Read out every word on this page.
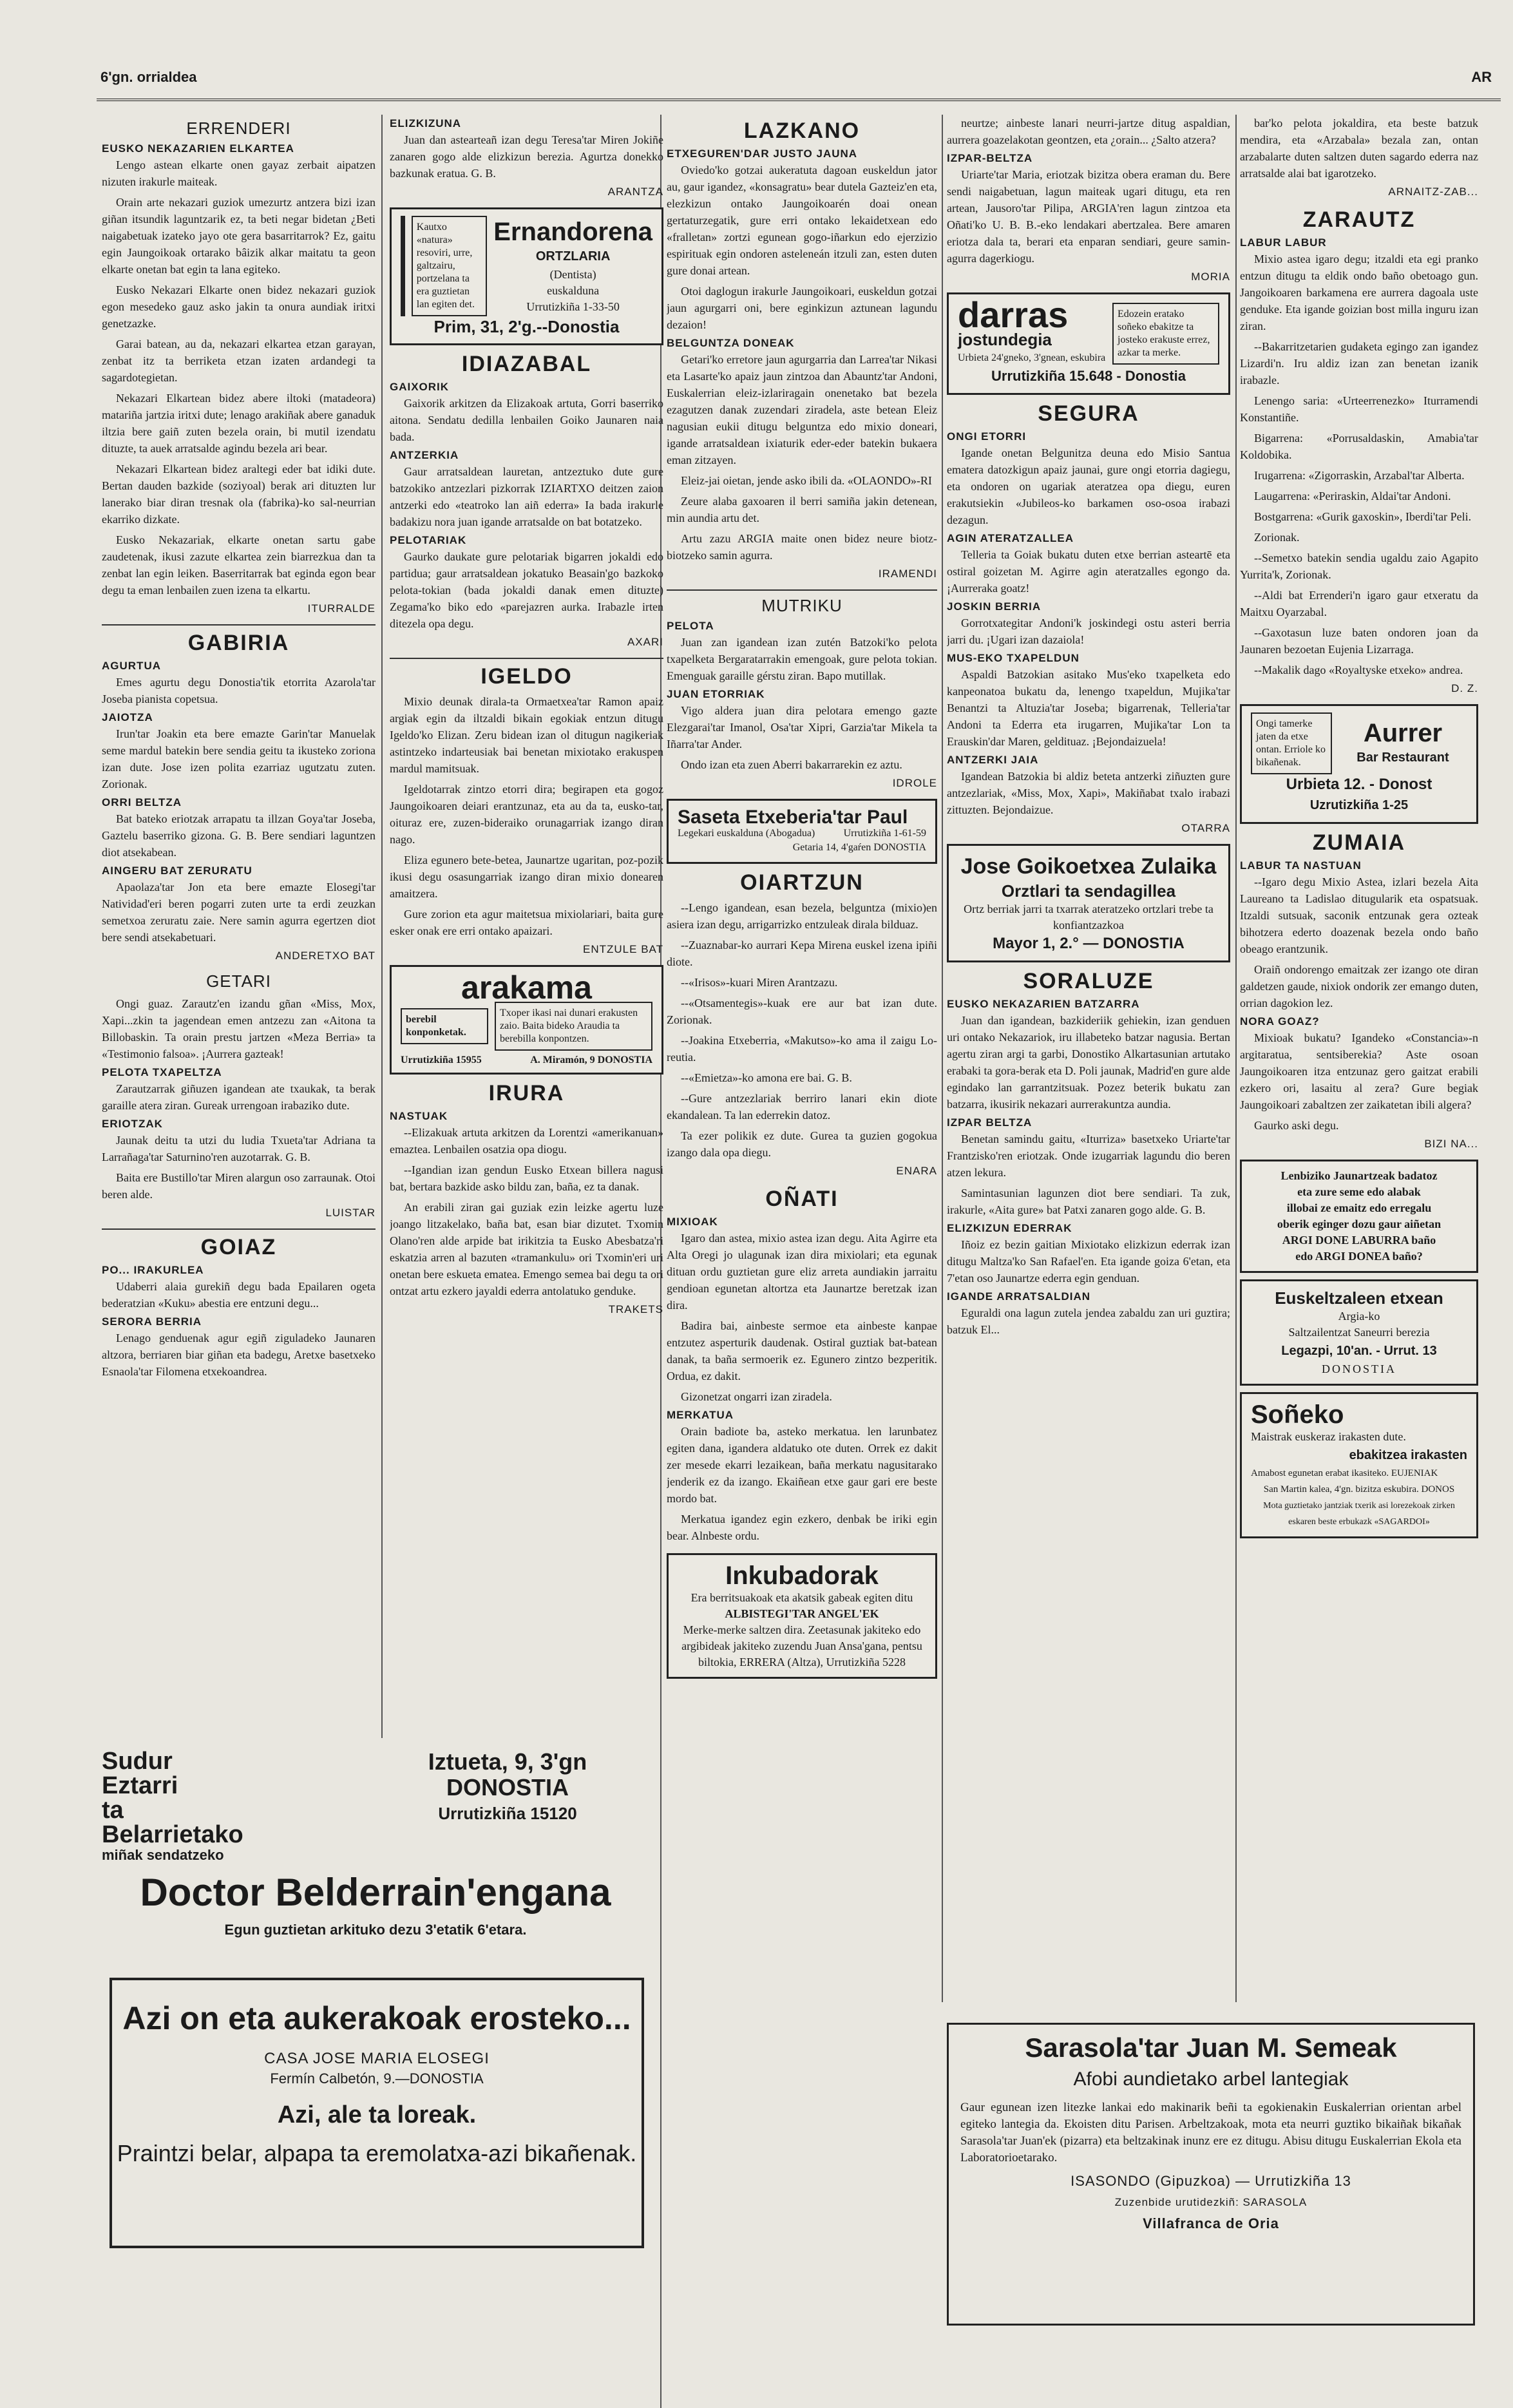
6'gn. orrialdea	AR
ERRENDERI
EUSKO NEKAZARIEN ELKARTEA

Lengo astean elkarte onen gayaz zerbait aipatzen nizuten irakurle maiteak.

Orain arte nekazari guziok umezurtz antzera bizi izan giñan itsundik laguntzarik ez, ta beti negar bidetan ¿Beti naigabetuak izateko jayo ote gera basarritarrok? Ez, gaitu egin Jaungoikoak ortarako bâizik alkar maitatu ta geon elkarte onetan bat egin ta lana egiteko.

Eusko Nekazari Elkarte onen bidez nekazari guziok egon mesedeko gauz asko jakin ta onura aundiak iritxi genetzazke.

Garai batean, au da, nekazari elkartea etzan garayan, zenbat itz ta berriketa etzan izaten ardandegi ta sagardotegietan.

Nekazari Elkartean bidez abere iltoki (matadeora) matariña jartzia iritxi dute; lenago arakiñak abere ganaduk iltzia bere gaiñ zuten bezela orain, bi mutil izendatu dituzte, ta auek arratsalde agindu bezela ari bear.

Nekazari Elkartean bidez araltegi eder bat idiki dute. Bertan dauden bazkide (soziyoal) berak ari dituzten lur lanerako biar diran tresnak ola (fabrika)-ko sal-neurrian ekarriko dizkate.

Eusko Nekazariak, elkarte onetan sartu gabe zaudetenak, ikusi zazute elkartea zein biarrezkua dan ta zenbat lan egin leiken. Baserritarrak bat eginda egon bear degu ta eman lenbailen zuen izena ta elkartu.

ITURRALDE
GABIRIA
AGURTUA

Emes agurtu degu Donostia'tik etorrita Azarola'tar Joseba pianista copetsua.

JAIOTZA

Irun'tar Joakin eta bere emazte Garin'tar Manuelak seme mardul batekin bere sendia geitu ta ikusteko zoriona izan dute. Jose izen polita ezarriaz ugutzatu zuten. Zorionak.

ORRI BELTZA

Bat bateko eriotzak arrapatu ta illzan Goya'tar Joseba, Gaztelu baserriko gizona. G. B. Bere sendiari laguntzen diot atsekabean.

AINGERU BAT ZERURATU

Apaolaza'tar Jon eta bere emazte Elosegi'tar Natividad'eri beren pogarri zuten urte ta erdi zeuzkan semetxoa zeruratu zaie. Nere samin agurra egertzen diot bere sendi atsekabetuari.

ANDERETXO BAT
GETARI

Ongi guaz. Zarautz'en izandu gñan «Miss, Mox, Xapi...zkin ta jagendean emen antzezu zan «Aitona ta Billobaskin. Ta orain prestu jartzen «Meza Berria» ta «Testimonio falsoa». ¡Aurrera gazteak!

PELOTA TXAPELTZA

Zarautzarrak giñuzen igandean ate txaukak, ta berak garaille atera ziran. Gureak urrengoan irabaziko dute.

ERIOTZAK

Jaunak deitu ta utzi du ludia Txueta'tar Adriana ta Larrañaga'tar Saturnino'ren auzotarrak. G. B.

Baita ere Bustillo'tar Miren alargun oso zarraunak. Otoi beren alde.

LUISTAR
GOIAZ
PO... IRAKURLEA

Udaberri alaia gurekiñ degu bada Epailaren ogeta bederatzian «Kuku» abestia ere entzuni degu...

SERORA BERRIA

Lenago genduenak agur egiñ ziguladeko Jaunaren altzora, berriaren biar giñan eta badegu, Aretxe basetxeko Esnaola'tar Filomena etxekoandrea.

ELIZKIZUNA

Juan dan astearteañ izan degu Teresa'tar Miren Jokiñe zanaren gogo alde elizkizun berezia. Agurtza donekko bazkunak eratua. G. B.

ARANTZA
Kautxo «natura» resoviri, urre, galtzairu, portzelana ta era guztietan lan egiten det.
Ernandorena
ORTZLARIA
(Dentista)
euskalduna
Urrutizkiña 1-33-50
Prim, 31, 2'g.--Donostia
IDIAZABAL
GAIXORIK

Gaixorik arkitzen da Elizakoak artuta, Gorri baserriko aitona. Sendatu dedilla lenbailen Goiko Jaunaren naia bada.

ANTZERKIA

Gaur arratsaldean lauretan, antzeztuko dute gure batzokiko antzezlari pizkorrak IZIARTXO deitzen zaion antzerki edo «teatroko lan aiñ ederra» Ia bada irakurle badakizu nora juan igande arratsalde on bat botatzeko.

PELOTARIAK

Gaurko daukate gure pelotariak bigarren jokaldi edo partidua; gaur arratsaldean jokatuko Beasain'go bazkoko pelota-tokian (bada jokaldi danak emen dituzte) Zegama'ko biko edo «parejazren aurka. Irabazle irten ditezela opa degu.

AXARI
IGELDO

Mixio deunak dirala-ta Ormaetxea'tar Ramon apaiz argiak egin da iltzaldi bikain egokiak entzun ditugu Igeldo'ko Elizan. Zeru bidean izan ol ditugun nagikeriak astintzeko indarteusiak bai benetan mixiotako erakuspen mardul mamitsuak.

Igeldotarrak zintzo etorri dira; begirapen eta gogoz Jaungoikoaren deiari erantzunaz, eta au da ta, eusko-tar, oituraz ere, zuzen-bideraiko orunagarriak izango diran nago.

Eliza egunero bete-betea, Jaunartze ugaritan, poz-pozik ikusi degu osasungarriak izango diran mixio donearen amaitzera.

Gure zorion eta agur maitetsua mixiolariari, baita gure esker onak ere erri ontako apaizari.

ENTZULE BAT
arakama
berebil konponketak.
Txoper ikasi nai dunari erakusten zaio. Baita bideko Araudia ta berebilla konpontzen.
Urrutizkiña 15955	A. Miramón, 9 DONOSTIA
IRURA
NASTUAK

--Elizakuak artuta arkitzen da Lorentzi «amerikanuan» emaztea. Lenbailen osatzia opa diogu.

--Igandian izan gendun Eusko Etxean billera nagusi bat, bertara bazkide asko bildu zan, baña, ez ta danak.

An erabili ziran gai guziak ezin leizke agertu luze joango litzakelako, baña bat, esan biar dizutet. Txomin Olano'ren alde arpide bat irikitzia ta Eusko Abesbatza'ri eskatzia arren al bazuten «tramankulu» ori Txomin'eri uri onetan bere eskueta ematea. Emengo semea bai degu ta ori ontzat artu ezkero jayaldi ederra antolatuko genduke.

TRAKETS
LAZKANO
ETXEGUREN'DAR JUSTO JAUNA

Oviedo'ko gotzai aukeratuta dagoan euskeldun jator au, gaur igandez, «konsagratu» bear dutela Gazteiz'en eta, elezkizun ontako Jaungoikoarén doai onean gertaturzegatik, gure erri ontako lekaidetxean edo «fralletan» zortzi egunean gogo-iñarkun edo ejerzizio espirituak egin ondoren asteleneán itzuli zan, esten duten gure donai artean.

Otoi daglogun irakurle Jaungoikoari, euskeldun gotzai jaun agurgarri oni, bere eginkizun aztunean lagundu dezaion!

BELGUNTZA DONEAK

Getari'ko erretore jaun agurgarria dan Larrea'tar Nikasi eta Lasarte'ko apaiz jaun zintzoa dan Abauntz'tar Andoni, Euskalerrian eleiz-izlariragain onenetako bat bezela ezagutzen danak zuzendari ziradela, aste betean Eleiz nagusian eukii ditugu belguntza edo mixio doneari, igande arratsaldean ixiaturik eder-eder batekin bukaera eman zitzayen.

Eleiz-jai oietan, jende asko ibili da. «OLAONDO»-RI

Zeure alaba gaxoaren il berri samiña jakin detenean, min aundia artu det.

Artu zazu ARGIA maite onen bidez neure biotz-biotzeko samin agurra.

IRAMENDI
MUTRIKU
PELOTA

Juan zan igandean izan zutén Batzoki'ko pelota txapelketa Bergaratarrakin emengoak, gure pelota tokian. Emenguak garaille gérstu ziran. Bapo mutillak.

JUAN ETORRIAK

Vigo aldera juan dira pelotara emengo gazte Elezgarai'tar Imanol, Osa'tar Xipri, Garzia'tar Mikela ta Iñarra'tar Ander.

Ondo izan eta zuen Aberri bakarrarekin ez aztu.

IDROLE
Saseta Etxeberia'tar Paul
Legekari euskalduna (Abogadua)	Urrutizkiña 1-61-59
Getaria 14, 4'gaŕen DONOSTIA
OIARTZUN

--Lengo igandean, esan bezela, belguntza (mixio)en asiera izan degu, arrigarrizko entzuleak dirala bilduaz.

--Zuaznabar-ko aurrari Kepa Mirena euskel izena ipiñi diote.

--«Irisos»-kuari Miren Arantzazu.

--«Otsamentegis»-kuak ere aur bat izan dute. Zorionak.

--Joakina Etxeberria, «Makutso»-ko ama il zaigu Lo-reutia.

--«Emietza»-ko amona ere bai. G. B.

--Gure antzezlariak berriro lanari ekin diote ekandalean. Ta lan ederrekin datoz.

Ta ezer polikik ez dute. Gurea ta guzien gogokua izango dala opa diegu.

ENARA
OÑATI
MIXIOAK

Igaro dan astea, mixio astea izan degu. Aita Agirre eta Alta Oregi jo ulagunak izan dira mixiolari; eta egunak dituan ordu guztietan gure eliz arreta aundiakin jarraitu gendioan egunetan altortza eta Jaunartze beretzak izan dira.

Badira bai, ainbeste sermoe eta ainbeste kanpae entzutez asperturik daudenak. Ostiral guztiak bat-batean danak, ta baña sermoerik ez. Egunero zintzo bezperitik. Ordua, ez dakit.

Gizonetzat ongarri izan ziradela.

MERKATUA

Orain badiote ba, asteko merkatua. len larunbatez egiten dana, igandera aldatuko ote duten. Orrek ez dakit zer mesede ekarri lezaikean, baña merkatu nagusitarako jenderik ez da izango. Ekaiñean etxe gaur gari ere beste mordo bat.

Merkatua igandez egin ezkero, denbak be iriki egin bear. Alnbeste ordu.

Inkubadorak
Era berritsuakoak eta akatsik gabeak egiten ditu
ALBISTEGI'TAR ANGEL'EK
Merke-merke saltzen dira. Zeetasunak jakiteko edo argibideak jakiteko zuzendu Juan Ansa'gana, pentsu biltokia, ERRERA (Altza), Urrutizkiña 5228

neurtze; ainbeste lanari neurri-jartze ditug aspaldian, aurrera goazelakotan geontzen, eta ¿orain... ¿Salto atzera?

IZPAR-BELTZA

Uriarte'tar Maria, eriotzak bizitza obera eraman du. Bere sendi naigabetuan, lagun maiteak ugari ditugu, eta ren artean, Jausoro'tar Pilipa, ARGIA'ren lagun zintzoa eta Oñati'ko U. B. B.-eko lendakari abertzalea. Bere amaren eriotza dala ta, berari eta enparan sendiari, geure samin-agurra dagerkiogu.

MORIA
darras
jostundegia
Urbieta 24'gneko, 3'gnean, eskubira
Edozein eratako soñeko ebakitze ta josteko erakuste errez, azkar ta merke.
Urrutizkiña 15.648 - Donostia
SEGURA
ONGI ETORRI

Igande onetan Belgunitza deuna edo Misio Santua ematera datozkigun apaiz jaunai, gure ongi etorria dagiegu, eta ondoren on ugariak ateratzea opa diegu, euren erakutsiekin «Jubileos-ko barkamen oso-osoa irabazi dezagun.

AGIN ATERATZALLEA

Telleria ta Goiak bukatu duten etxe berrian asteartē eta ostiral goizetan M. Agirre agin ateratzalles egongo da. ¡Aurreraka goatz!

JOSKIN BERRIA

Gorrotxategitar Andoni'k joskindegi ostu asteri berria jarri du. ¡Ugari izan dazaiola!

MUS-EKO TXAPELDUN

Aspaldi Batzokian asitako Mus'eko txapelketa edo kanpeonatoa bukatu da, lenengo txapeldun, Mujika'tar Benantzi ta Altuzia'tar Joseba; bigarrenak, Telleria'tar Andoni ta Ederra eta irugarren, Mujika'tar Lon ta Erauskin'dar Maren, geldituaz. ¡Bejondaizuela!

ANTZERKI JAIA

Igandean Batzokia bi aldiz beteta antzerki ziñuzten gure antzezlariak, «Miss, Mox, Xapi», Makiñabat txalo irabazi zittuzten. Bejondaizue.

OTARRA
Jose Goikoetxea Zulaika
Orztlari ta sendagillea
Ortz berriak jarri ta txarrak ateratzeko ortzlari trebe ta konfiantzazkoa
Mayor 1, 2.° — DONOSTIA
SORALUZE
EUSKO NEKAZARIEN BATZARRA

Juan dan igandean, bazkideriik gehiekin, izan genduen uri ontako Nekazariok, iru illabeteko batzar nagusia. Bertan agertu ziran argi ta garbi, Donostiko Alkartasunian artutako erabaki ta gora-berak eta D. Poli jaunak, Madrid'en gure alde egindako lan garrantzitsuak. Pozez beterik bukatu zan batzarra, ikusirik nekazari aurrerakuntza aundia.

IZPAR BELTZA

Benetan samindu gaitu, «Iturriza» basetxeko Uriarte'tar Frantzisko'ren eriotzak. Onde izugarriak lagundu dio beren atzen lekura.

Samintasunian lagunzen diot bere sendiari. Ta zuk, irakurle, «Aita gure» bat Patxi zanaren gogo alde. G. B.

ELIZKIZUN EDERRAK

Iñoiz ez bezin gaitian Mixiotako elizkizun ederrak izan ditugu Maltza'ko San Rafael'en. Eta igande goiza 6'etan, eta 7'etan oso Jaunartze ederra egin genduan.

IGANDE ARRATSALDIAN

Eguraldi ona lagun zutela jendea zabaldu zan uri guztira; batzuk El...

bar'ko pelota jokaldira, eta beste batzuk mendira, eta «Arzabala» bezala zan, ontan arzabalarte duten saltzen duten sagardo ederra naz arratsalde alai bat igarotzeko.

ARNAITZ-ZAB...
ZARAUTZ
LABUR LABUR

Mixio astea igaro degu; itzaldi eta egi pranko entzun ditugu ta eldik ondo baño obetoago gun. Jangoikoaren barkamena ere aurrera dagoala uste genduke. Eta igande goizian bost milla inguru izan ziran.

--Bakarritzetarien gudaketa egingo zan igandez Lizardi'n. Iru aldiz izan zan benetan izanik irabazle.

Lenengo saria: «Urteerrenezko» Iturramendi Konstantiñe.

Bigarrena: «Porrusaldaskin, Amabia'tar Koldobika.

Irugarrena: «Zigorraskin, Arzabal'tar Alberta.

Laugarrena: «Periraskin, Aldai'tar Andoni.

Bostgarrena: «Gurik gaxoskin», Iberdi'tar Peli.

Zorionak.

--Semetxo batekin sendia ugaldu zaio Agapito Yurrita'k, Zorionak.

--Aldi bat Errenderi'n igaro gaur etxeratu da Maitxu Oyarzabal.

--Gaxotasun luze baten ondoren joan da Jaunaren bezoetan Eujenia Lizarraga.

--Makalik dago «Royaltyske etxeko» andrea.

D. Z.
Ongi tamerke jaten da etxe ontan. Erriole ko bikañenak.
Aurrer
Bar Restaurant
Urbieta 12. - Donost
Uzrutizkiña 1-25
ZUMAIA
LABUR TA NASTUAN

--Igaro degu Mixio Astea, izlari bezela Aita Laureano ta Ladislao ditugularik eta ospatsuak. Itzaldi sutsuak, saconik entzunak gera ozteak bihotzera ederto doazenak bezela ondo baño obeago erantzunik.

Oraiñ ondorengo emaitzak zer izango ote diran galdetzen gaude, nixiok ondorik zer emango duten, orrian dagokion lez.

NORA GOAZ?

Mixioak bukatu? Igandeko «Constancia»-n argitaratua, sentsiberekia? Aste osoan Jaungoikoaren itza entzunaz gero gaitzat erabili ezkero ori, lasaitu al zera? Gure begiak Jaungoikoari zabaltzen zer zaikatetan ibili algera?

Gaurko aski degu.

BIZI NA...
Lenbiziko Jaunartzeak badatoz
eta zure seme edo alabak
illobai ze emaitz edo erregalu
oberik eginger dozu gaur aiñetan
ARGI DONE LABURRA baño
edo ARGI DONEA baño?
Euskeltzaleen etxean
Argia-ko
Saltzailentzat Saneurri berezia
Legazpi, 10'an. - Urrut. 13
DONOSTIA
Soñeko
Maistrak euskeraz irakasten dute.
ebakitzea irakasten
Amabost egunetan erabat ikasiteko. EUJENIAK
San Martin kalea, 4'gn. bizitza eskubira. DONOS
Mota guztietako jantziak txerik asi lorezekoak zirken eskaren beste erbukazk «SAGARDOI»
Sudur
Eztarri
ta
Belarrietako
miñak sendatzeko
Iztueta, 9, 3'gn
DONOSTIA
Urrutizkiña 15120
Doctor Belderrain'engana
Egun guztietan arkituko dezu 3'etatik 6'etara.
Azi on eta aukerakoak erosteko...
CASA JOSE MARIA ELOSEGI
Fermín Calbetón, 9.—DONOSTIA
Azi, ale ta loreak.
Praintzi belar, alpapa ta eremolatxa-azi bikañenak.
Sarasola'tar Juan M. Semeak
Afobi aundietako arbel lantegiak
Gaur egunean izen litezke lankai edo makinarik beñi ta egokienakin Euskalerrian orientan arbel egiteko lantegia da. Ekoisten ditu Parisen. Arbeltzakoak, mota eta neurri guztiko bikaiñak bikañak Sarasola'tar Juan'ek (pizarra) eta beltzakinak inunz ere ez ditugu. Abisu ditugu Euskalerrian Ekola eta Laboratorioetarako.
ISASONDO (Gipuzkoa) — Urrutizkiña 13
Zuzenbide urutidezkiñ: SARASOLA
Villafranca de Oria
